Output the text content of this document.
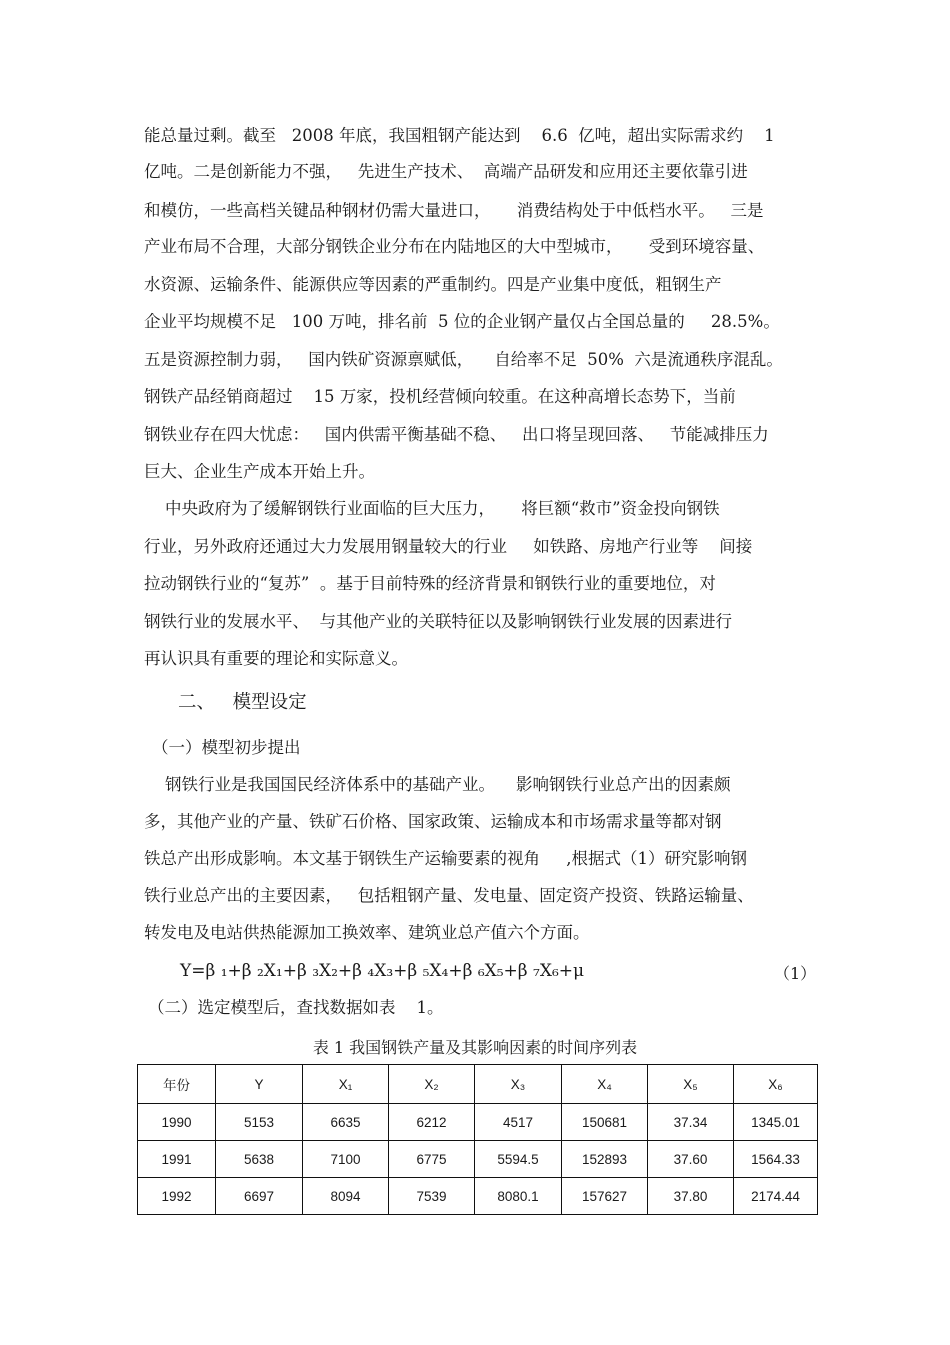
能总量过剩。截至   2008 年底，我国粗钢产能达到    6.6  亿吨，超出实际需求约    1
亿吨。二是创新能力不强，   先进生产技术、  高端产品研发和应用还主要依靠引进
和模仿，一些高档关键品种钢材仍需大量进口，     消费结构处于中低档水平。   三是
产业布局不合理，大部分钢铁企业分布在内陆地区的大中型城市，     受到环境容量、
水资源、运输条件、能源供应等因素的严重制约。四是产业集中度低，粗钢生产
企业平均规模不足   100 万吨，排名前  5 位的企业钢产量仅占全国总量的     28.5%。
五是资源控制力弱，   国内铁矿资源禀赋低，    自给率不足  50%  六是流通秩序混乱。
钢铁产品经销商超过    15 万家，投机经营倾向较重。在这种高增长态势下，当前
钢铁业存在四大忧虑：   国内供需平衡基础不稳、   出口将呈现回落、   节能减排压力
巨大、企业生产成本开始上升。
中央政府为了缓解钢铁行业面临的巨大压力，     将巨额“救市”资金投向钢铁
行业，另外政府还通过大力发展用钢量较大的行业     如铁路、房地产行业等    间接
拉动钢铁行业的“复苏”  。基于目前特殊的经济背景和钢铁行业的重要地位，对
钢铁行业的发展水平、  与其他产业的关联特征以及影响钢铁行业发展的因素进行
再认识具有重要的理论和实际意义。
二、   模型设定
（一）模型初步提出
钢铁行业是我国国民经济体系中的基础产业。    影响钢铁行业总产出的因素颇
多，其他产业的产量、铁矿石价格、国家政策、运输成本和市场需求量等都对钢
铁总产出形成影响。本文基于钢铁生产运输要素的视角     ,根据式（1）研究影响钢
铁行业总产出的主要因素，   包括粗钢产量、发电量、固定资产投资、铁路运输量、
转发电及电站供热能源加工换效率、建筑业总产值六个方面。
Y=β ₁+β ₂X₁+β ₃X₂+β ₄X₃+β ₅X₄+β ₆X₅+β ₇X₆+μ	（1）
（二）选定模型后，查找数据如表    1。
表 1 我国钢铁产量及其影响因素的时间序列表
年份	Y	X₁	X₂	X₃	X₄	X₅	X₆
1990	5153	6635	6212	4517	150681	37.34	1345.01
1991	5638	7100	6775	5594.5	152893	37.60	1564.33
1992	6697	8094	7539	8080.1	157627	37.80	2174.44
